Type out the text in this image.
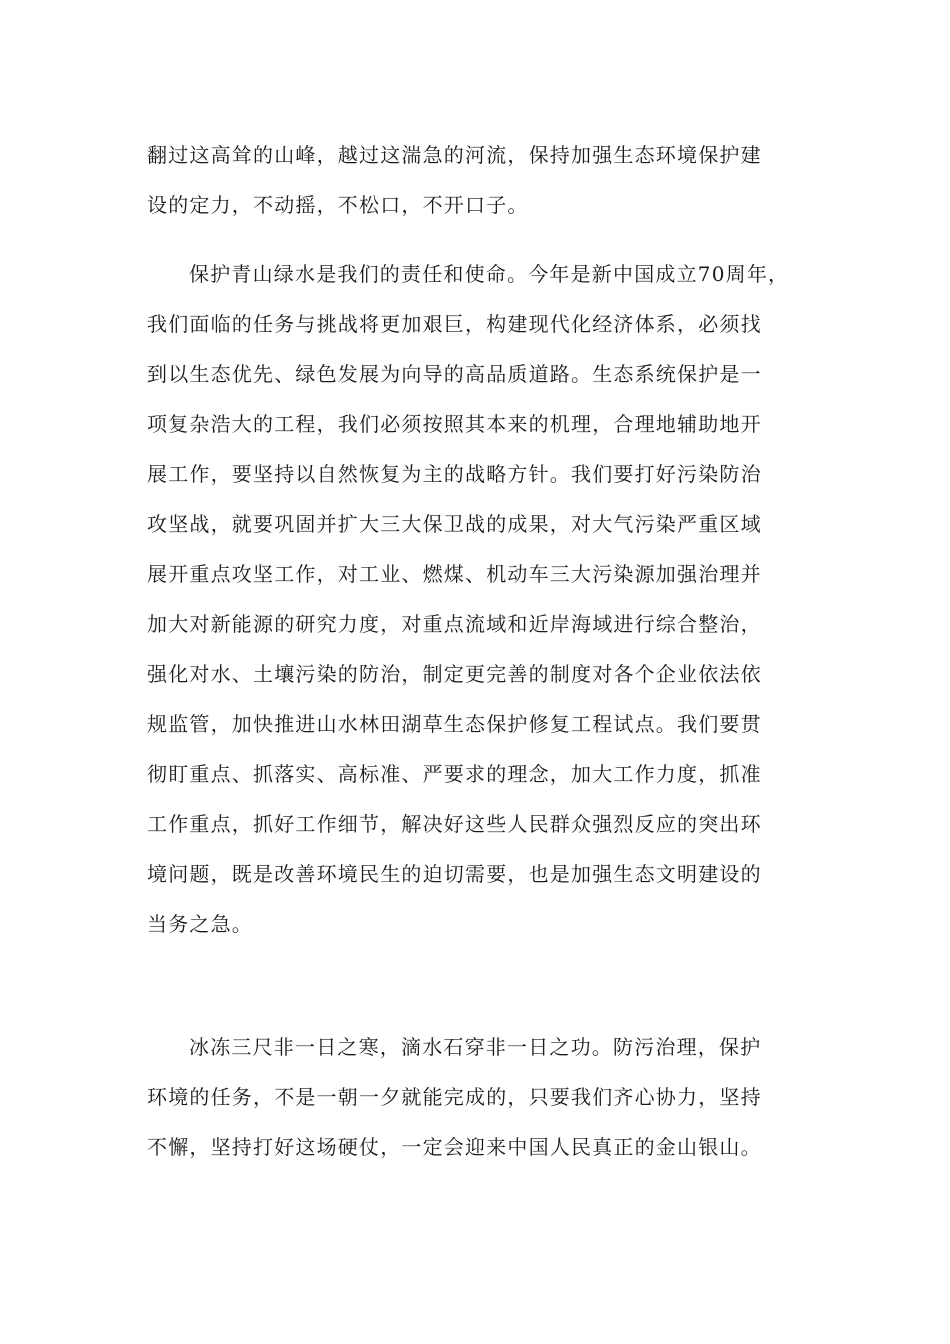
翻过这高耸的山峰，越过这湍急的河流，保持加强生态环境保护建
设的定力，不动摇，不松口，不开口子。
保护青山绿水是我们的责任和使命。今年是新中国成立70周年，
我们面临的任务与挑战将更加艰巨，构建现代化经济体系，必须找
到以生态优先、绿色发展为向导的高品质道路。生态系统保护是一
项复杂浩大的工程，我们必须按照其本来的机理，合理地辅助地开
展工作，要坚持以自然恢复为主的战略方针。我们要打好污染防治
攻坚战，就要巩固并扩大三大保卫战的成果，对大气污染严重区域
展开重点攻坚工作，对工业、燃煤、机动车三大污染源加强治理并
加大对新能源的研究力度，对重点流域和近岸海域进行综合整治，
强化对水、土壤污染的防治，制定更完善的制度对各个企业依法依
规监管，加快推进山水林田湖草生态保护修复工程试点。我们要贯
彻盯重点、抓落实、高标准、严要求的理念，加大工作力度，抓准
工作重点，抓好工作细节，解决好这些人民群众强烈反应的突出环
境问题，既是改善环境民生的迫切需要，也是加强生态文明建设的
当务之急。
冰冻三尺非一日之寒，滴水石穿非一日之功。防污治理，保护
环境的任务，不是一朝一夕就能完成的，只要我们齐心协力，坚持
不懈，坚持打好这场硬仗，一定会迎来中国人民真正的金山银山。
